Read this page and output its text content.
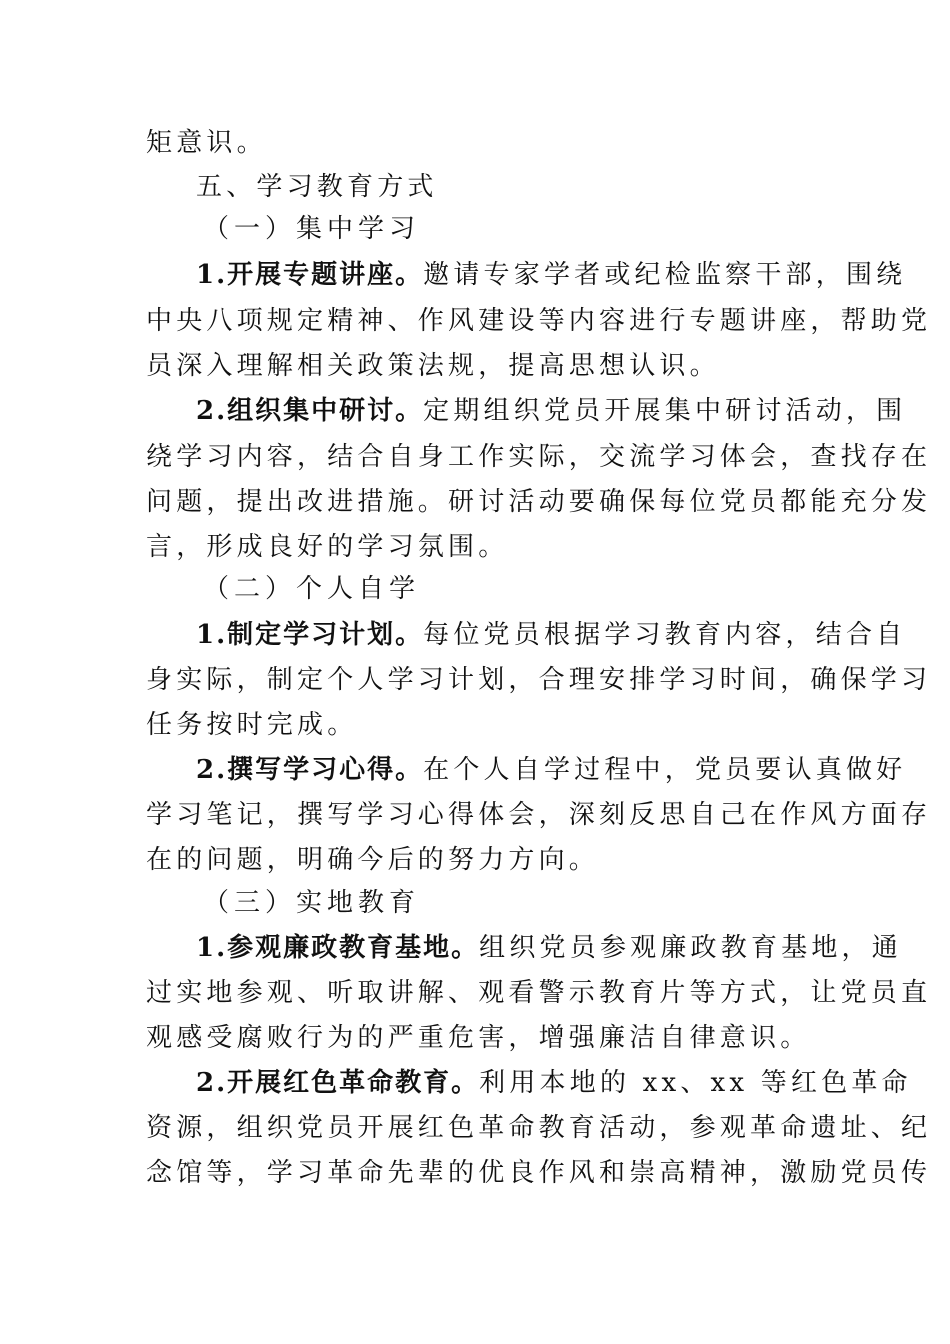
矩意识。
五、学习教育方式
（一）集中学习
1.开展专题讲座。邀请专家学者或纪检监察干部，围绕
中央八项规定精神、作风建设等内容进行专题讲座，帮助党
员深入理解相关政策法规，提高思想认识。
2.组织集中研讨。定期组织党员开展集中研讨活动，围
绕学习内容，结合自身工作实际，交流学习体会，查找存在
问题，提出改进措施。研讨活动要确保每位党员都能充分发
言，形成良好的学习氛围。
（二）个人自学
1.制定学习计划。每位党员根据学习教育内容，结合自
身实际，制定个人学习计划，合理安排学习时间，确保学习
任务按时完成。
2.撰写学习心得。在个人自学过程中，党员要认真做好
学习笔记，撰写学习心得体会，深刻反思自己在作风方面存
在的问题，明确今后的努力方向。
（三）实地教育
1.参观廉政教育基地。组织党员参观廉政教育基地，通
过实地参观、听取讲解、观看警示教育片等方式，让党员直
观感受腐败行为的严重危害，增强廉洁自律意识。
2.开展红色革命教育。利用本地的 xx、xx 等红色革命
资源，组织党员开展红色革命教育活动，参观革命遗址、纪
念馆等，学习革命先辈的优良作风和崇高精神，激励党员传
